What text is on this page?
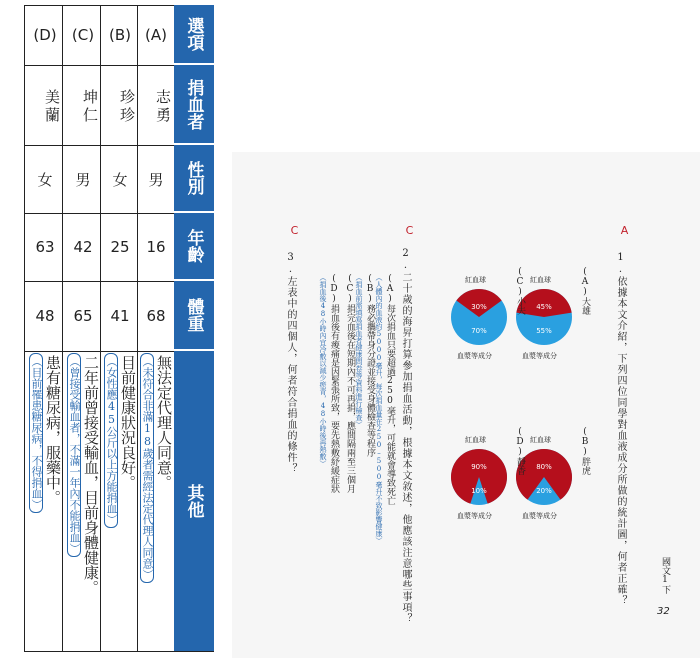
選項
捐血者
性別
年齡
體重
其他
(A)
志勇
男
16
68
無法定代理人同意。
（未符合非滿18歲者需經法定代理人同意）
(B)
珍珍
女
25
41
目前健康狀況良好。
（女性應45公斤以上方能捐血）
(C)
坤仁
男
42
65
二年前曾接受輸血，目前身體健康。
（曾接受輸血者，不滿一年內不能捐血）
(D)
美蘭
女
63
48
患有糖尿病，服藥中。
（目前罹患糖尿病，不得捐血）
A
1.依據本文介紹，下列四位同學對血液成分所做的統計圖，何者正確？
C
2.二十歲的海昇打算參加捐血活動，根據本文敘述，他應該注意哪些事項？
(A)每次捐血只要超過250毫升，可能就會導致死亡
（人體內的血液約5000毫升，每次捐血量在250–500毫升不致影響健康）
(B)務必攜帶身分證並接受身體檢查等程序
（捐血前需填寫捐血者健康問卷等資料進行檢查）
(C)捐完血後在短期內不可再捐，應間隔兩至三個月
(D)捐血後有痠痛是因緊張所致，要先熱敷紓緩症狀
（捐血後48小時內宜冷敷以減少瘀青，48小時後再熱敷）
C
3.左表中的四個人，何者符合捐血的條件？	(A)大雄
紅血球
45%
55%
血漿等成分
(C)小夫
紅血球
30%
70%
血漿等成分
(B)胖虎
紅血球
80%
20%
血漿等成分
(D)靜香
紅血球
90%
10%
血漿等成分
國文1下
32
